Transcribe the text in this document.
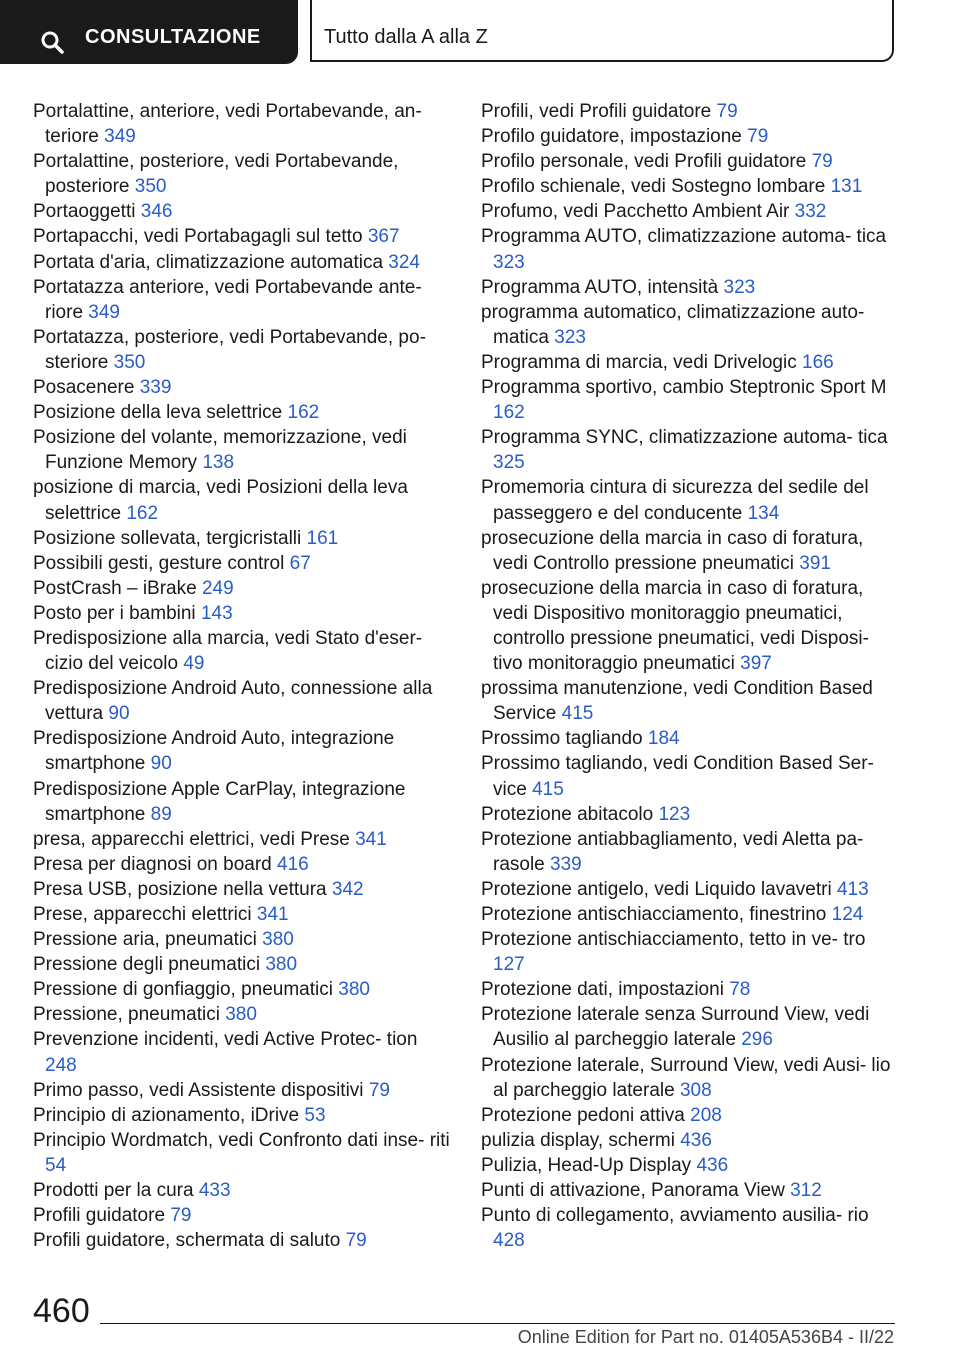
CONSULTAZIONE	Tutto dalla A alla Z
Portalattine, anteriore, vedi Portabevande, an‐ teriore 349
Portalattine, posteriore, vedi Portabevande, posteriore 350
Portaoggetti 346
Portapacchi, vedi Portabagagli sul tetto 367
Portata d'aria, climatizzazione automatica 324
Portatazza anteriore, vedi Portabevande ante‐ riore 349
Portatazza, posteriore, vedi Portabevande, po‐ steriore 350
Posacenere 339
Posizione della leva selettrice 162
Posizione del volante, memorizzazione, vedi Funzione Memory 138
posizione di marcia, vedi Posizioni della leva selettrice 162
Posizione sollevata, tergicristalli 161
Possibili gesti, gesture control 67
PostCrash – iBrake 249
Posto per i bambini 143
Predisposizione alla marcia, vedi Stato d'eser‐ cizio del veicolo 49
Predisposizione Android Auto, connessione alla vettura 90
Predisposizione Android Auto, integrazione smartphone 90
Predisposizione Apple CarPlay, integrazione smartphone 89
presa, apparecchi elettrici, vedi Prese 341
Presa per diagnosi on board 416
Presa USB, posizione nella vettura 342
Prese, apparecchi elettrici 341
Pressione aria, pneumatici 380
Pressione degli pneumatici 380
Pressione di gonfiaggio, pneumatici 380
Pressione, pneumatici 380
Prevenzione incidenti, vedi Active Protec‐ tion 248
Primo passo, vedi Assistente dispositivi 79
Principio di azionamento, iDrive 53
Principio Wordmatch, vedi Confronto dati inse‐ riti 54
Prodotti per la cura 433
Profili guidatore 79
Profili guidatore, schermata di saluto 79
Profili, vedi Profili guidatore 79
Profilo guidatore, impostazione 79
Profilo personale, vedi Profili guidatore 79
Profilo schienale, vedi Sostegno lombare 131
Profumo, vedi Pacchetto Ambient Air 332
Programma AUTO, climatizzazione automa‐ tica 323
Programma AUTO, intensità 323
programma automatico, climatizzazione auto‐ matica 323
Programma di marcia, vedi Drivelogic 166
Programma sportivo, cambio Steptronic Sport M 162
Programma SYNC, climatizzazione automa‐ tica 325
Promemoria cintura di sicurezza del sedile del passeggero e del conducente 134
prosecuzione della marcia in caso di foratura, vedi Controllo pressione pneumatici 391
prosecuzione della marcia in caso di foratura, vedi Dispositivo monitoraggio pneumatici, controllo pressione pneumatici, vedi Disposi‐ tivo monitoraggio pneumatici 397
prossima manutenzione, vedi Condition Based Service 415
Prossimo tagliando 184
Prossimo tagliando, vedi Condition Based Ser‐ vice 415
Protezione abitacolo 123
Protezione antiabbagliamento, vedi Aletta pa‐ rasole 339
Protezione antigelo, vedi Liquido lavavetri 413
Protezione antischiacciamento, finestrino 124
Protezione antischiacciamento, tetto in ve‐ tro 127
Protezione dati, impostazioni 78
Protezione laterale senza Surround View, vedi Ausilio al parcheggio laterale 296
Protezione laterale, Surround View, vedi Ausi‐ lio al parcheggio laterale 308
Protezione pedoni attiva 208
pulizia display, schermi 436
Pulizia, Head-Up Display 436
Punti di attivazione, Panorama View 312
Punto di collegamento, avviamento ausilia‐ rio 428
460
Online Edition for Part no. 01405A536B4 - II/22
